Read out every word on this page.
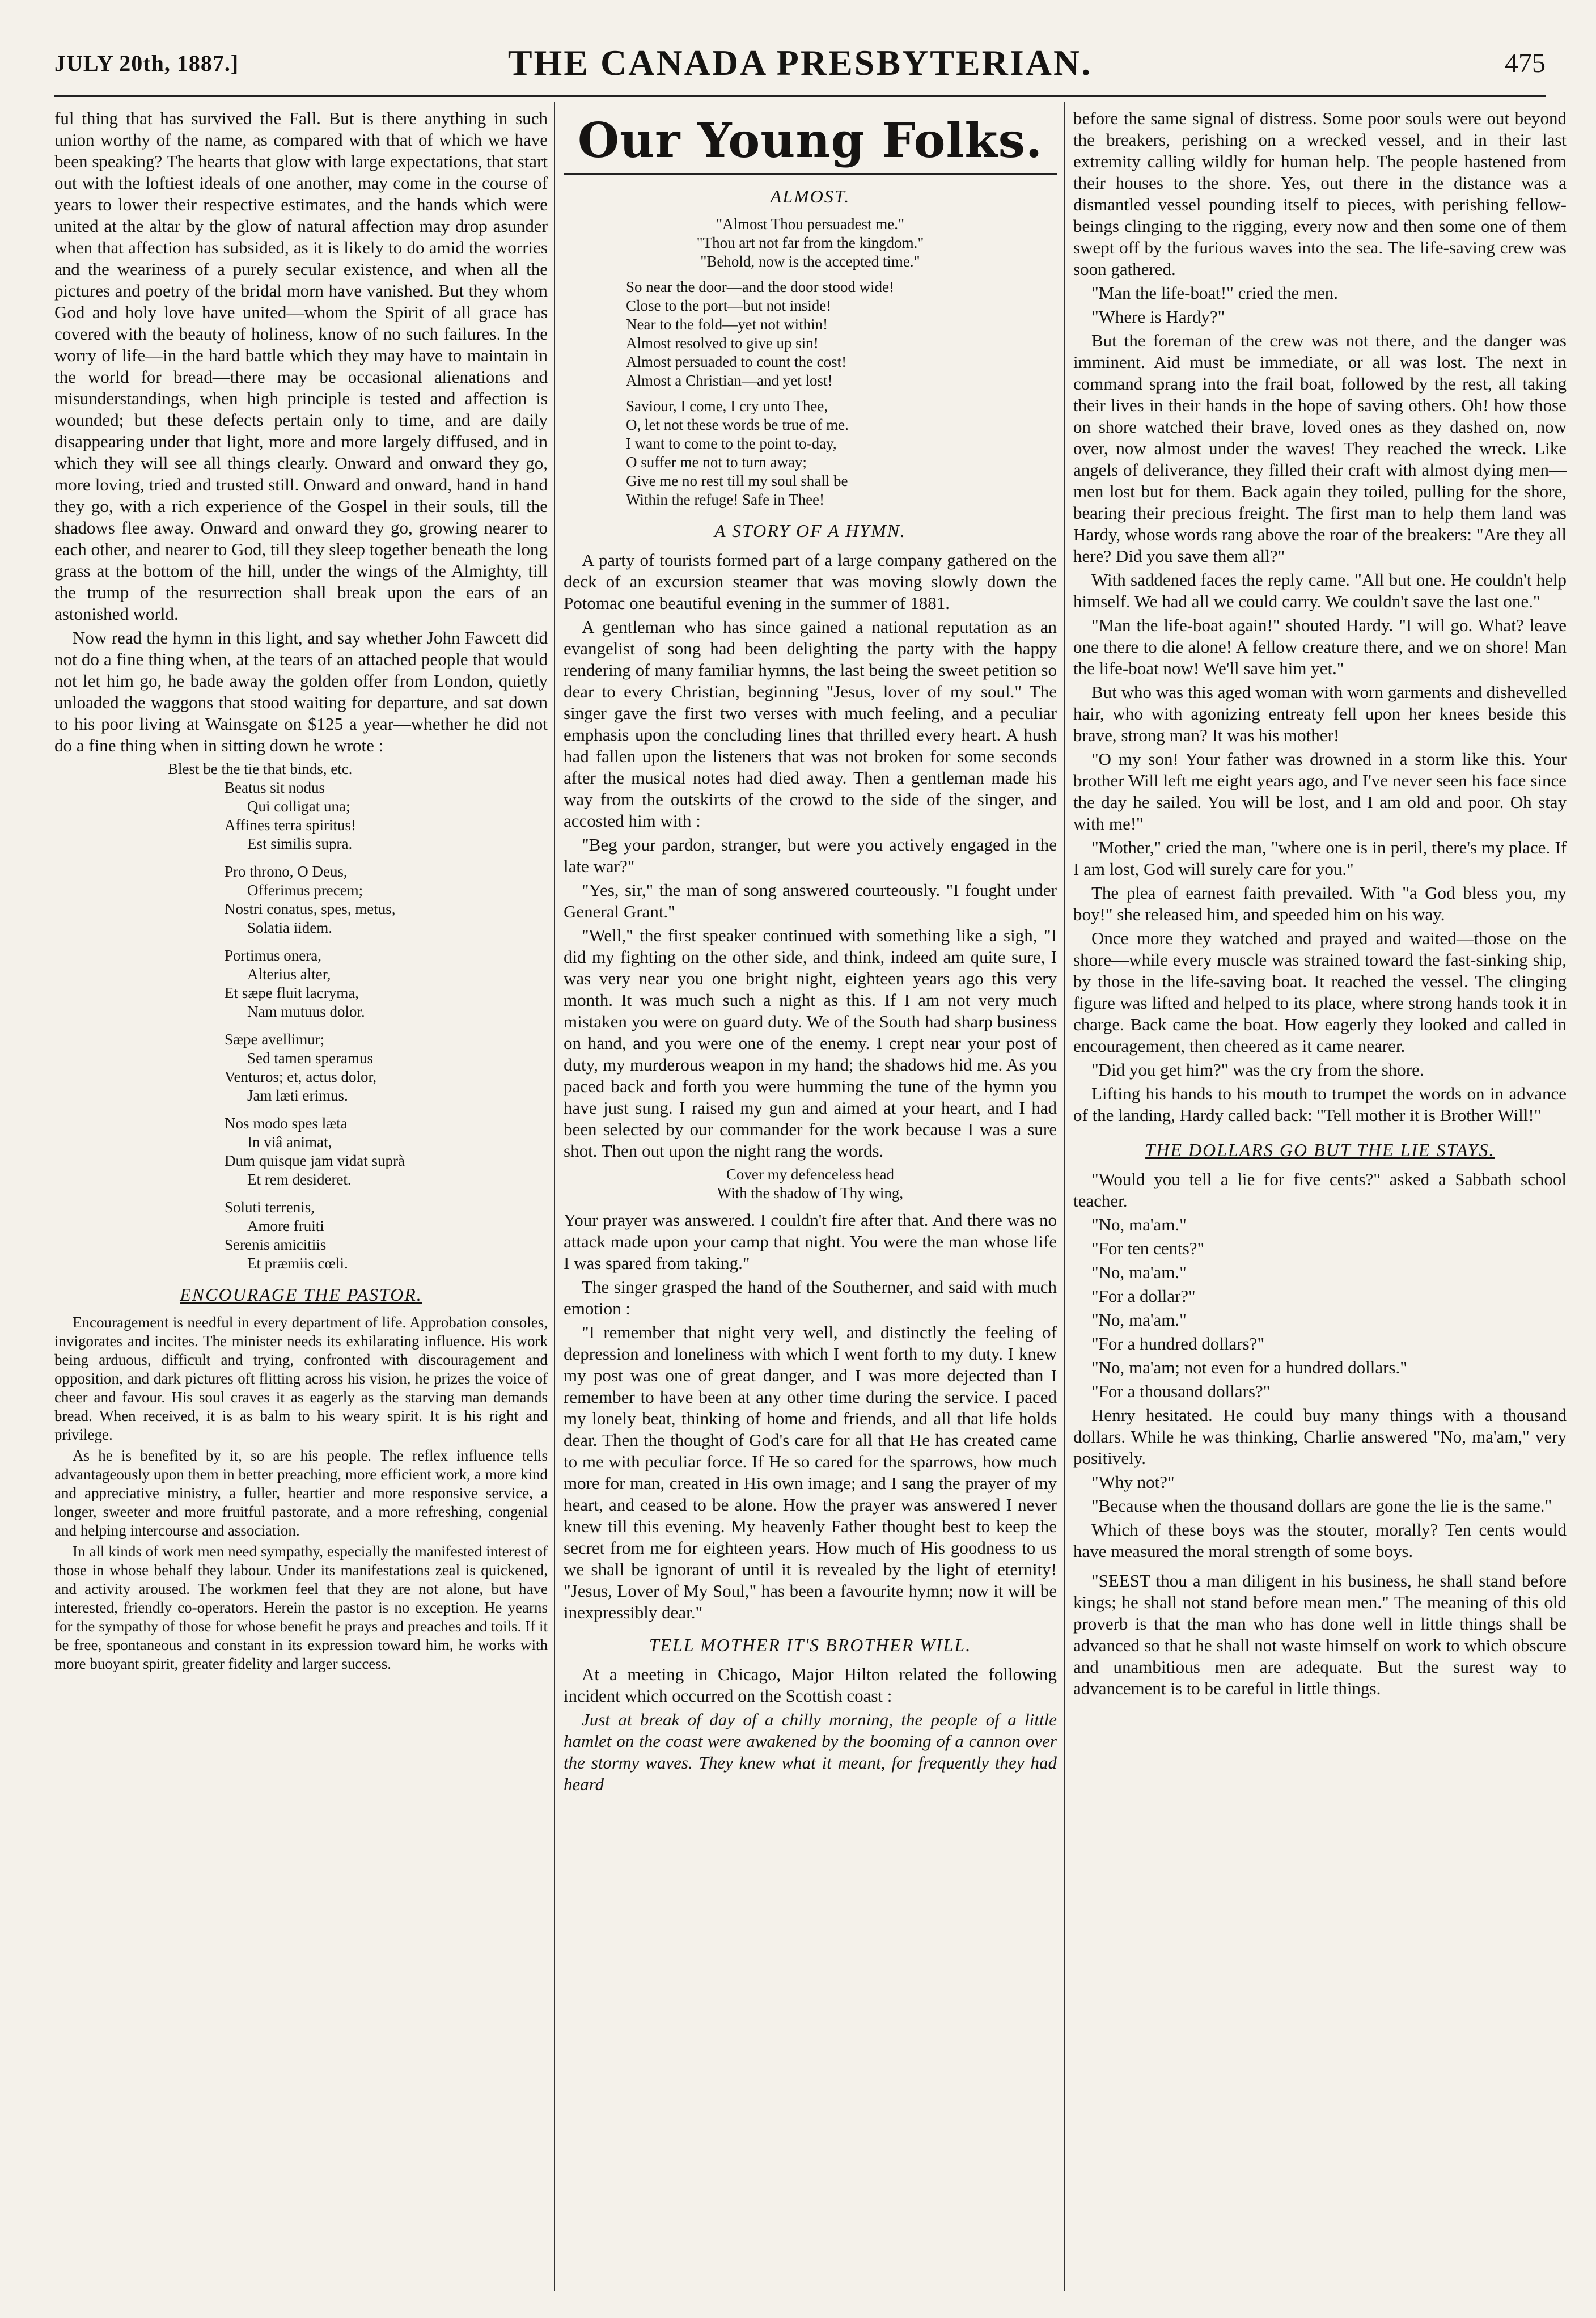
JULY 20th, 1887.]	THE CANADA PRESBYTERIAN.	475

ful thing that has survived the Fall. But is there anything in such union worthy of the name, as compared with that of which we have been speaking? The hearts that glow with large expectations, that start out with the loftiest ideals of one another, may come in the course of years to lower their respective estimates, and the hands which were united at the altar by the glow of natural affection may drop asunder when that affection has subsided, as it is likely to do amid the worries and the weariness of a purely secular existence, and when all the pictures and poetry of the bridal morn have vanished. But they whom God and holy love have united—whom the Spirit of all grace has covered with the beauty of holiness, know of no such failures. In the worry of life—in the hard battle which they may have to maintain in the world for bread—there may be occasional alienations and misunderstandings, when high principle is tested and affection is wounded; but these defects pertain only to time, and are daily disappearing under that light, more and more largely diffused, and in which they will see all things clearly. Onward and onward they go, more loving, tried and trusted still. Onward and onward, hand in hand they go, with a rich experience of the Gospel in their souls, till the shadows flee away. Onward and onward they go, growing nearer to each other, and nearer to God, till they sleep together beneath the long grass at the bottom of the hill, under the wings of the Almighty, till the trump of the resurrection shall break upon the ears of an astonished world.

Now read the hymn in this light, and say whether John Fawcett did not do a fine thing when, at the tears of an attached people that would not let him go, he bade away the golden offer from London, quietly unloaded the waggons that stood waiting for departure, and sat down to his poor living at Wainsgate on $125 a year—whether he did not do a fine thing when in sitting down he wrote :

Blest be the tie that binds, etc.
Beatus sit nodus
Qui colligat una;
Affines terra spiritus!
Est similis supra.
Pro throno, O Deus,
Offerimus precem;
Nostri conatus, spes, metus,
Solatia iidem.
Portimus onera,
Alterius alter,
Et sæpe fluit lacryma,
Nam mutuus dolor.
Sæpe avellimur;
Sed tamen speramus
Venturos; et, actus dolor,
Jam læti erimus.
Nos modo spes læta
In viâ animat,
Dum quisque jam vidat suprà
Et rem desideret.
Soluti terrenis,
Amore fruiti
Serenis amicitiis
Et præmiis cœli.
ENCOURAGE THE PASTOR.

Encouragement is needful in every department of life. Approbation consoles, invigorates and incites. The minister needs its exhilarating influence. His work being arduous, difficult and trying, confronted with discouragement and opposition, and dark pictures oft flitting across his vision, he prizes the voice of cheer and favour. His soul craves it as eagerly as the starving man demands bread. When received, it is as balm to his weary spirit. It is his right and privilege.

As he is benefited by it, so are his people. The reflex influence tells advantageously upon them in better preaching, more efficient work, a more kind and appreciative ministry, a fuller, heartier and more responsive service, a longer, sweeter and more fruitful pastorate, and a more refreshing, congenial and helping intercourse and association.

In all kinds of work men need sympathy, especially the manifested interest of those in whose behalf they labour. Under its manifestations zeal is quickened, and activity aroused. The workmen feel that they are not alone, but have interested, friendly co-operators. Herein the pastor is no exception. He yearns for the sympathy of those for whose benefit he prays and preaches and toils. If it be free, spontaneous and constant in its expression toward him, he works with more buoyant spirit, greater fidelity and larger success.

Our Young Folks.
ALMOST.
"Almost Thou persuadest me."
"Thou art not far from the kingdom."
"Behold, now is the accepted time."
So near the door—and the door stood wide!
Close to the port—but not inside!
Near to the fold—yet not within!
Almost resolved to give up sin!
Almost persuaded to count the cost!
Almost a Christian—and yet lost!
Saviour, I come, I cry unto Thee,
O, let not these words be true of me.
I want to come to the point to-day,
O suffer me not to turn away;
Give me no rest till my soul shall be
Within the refuge! Safe in Thee!
A STORY OF A HYMN.

A party of tourists formed part of a large company gathered on the deck of an excursion steamer that was moving slowly down the Potomac one beautiful evening in the summer of 1881.

A gentleman who has since gained a national reputation as an evangelist of song had been delighting the party with the happy rendering of many familiar hymns, the last being the sweet petition so dear to every Christian, beginning "Jesus, lover of my soul." The singer gave the first two verses with much feeling, and a peculiar emphasis upon the concluding lines that thrilled every heart. A hush had fallen upon the listeners that was not broken for some seconds after the musical notes had died away. Then a gentleman made his way from the outskirts of the crowd to the side of the singer, and accosted him with :

"Beg your pardon, stranger, but were you actively engaged in the late war?"

"Yes, sir," the man of song answered courteously. "I fought under General Grant."

"Well," the first speaker continued with something like a sigh, "I did my fighting on the other side, and think, indeed am quite sure, I was very near you one bright night, eighteen years ago this very month. It was much such a night as this. If I am not very much mistaken you were on guard duty. We of the South had sharp business on hand, and you were one of the enemy. I crept near your post of duty, my murderous weapon in my hand; the shadows hid me. As you paced back and forth you were humming the tune of the hymn you have just sung. I raised my gun and aimed at your heart, and I had been selected by our commander for the work because I was a sure shot. Then out upon the night rang the words.

Cover my defenceless head
With the shadow of Thy wing,

Your prayer was answered. I couldn't fire after that. And there was no attack made upon your camp that night. You were the man whose life I was spared from taking."

The singer grasped the hand of the Southerner, and said with much emotion :

"I remember that night very well, and distinctly the feeling of depression and loneliness with which I went forth to my duty. I knew my post was one of great danger, and I was more dejected than I remember to have been at any other time during the service. I paced my lonely beat, thinking of home and friends, and all that life holds dear. Then the thought of God's care for all that He has created came to me with peculiar force. If He so cared for the sparrows, how much more for man, created in His own image; and I sang the prayer of my heart, and ceased to be alone. How the prayer was answered I never knew till this evening. My heavenly Father thought best to keep the secret from me for eighteen years. How much of His goodness to us we shall be ignorant of until it is revealed by the light of eternity! "Jesus, Lover of My Soul," has been a favourite hymn; now it will be inexpressibly dear."

TELL MOTHER IT'S BROTHER WILL.

At a meeting in Chicago, Major Hilton related the following incident which occurred on the Scottish coast :

Just at break of day of a chilly morning, the people of a little hamlet on the coast were awakened by the booming of a cannon over the stormy waves. They knew what it meant, for frequently they had heard

before the same signal of distress. Some poor souls were out beyond the breakers, perishing on a wrecked vessel, and in their last extremity calling wildly for human help. The people hastened from their houses to the shore. Yes, out there in the distance was a dismantled vessel pounding itself to pieces, with perishing fellow-beings clinging to the rigging, every now and then some one of them swept off by the furious waves into the sea. The life-saving crew was soon gathered.

"Man the life-boat!" cried the men.

"Where is Hardy?"

But the foreman of the crew was not there, and the danger was imminent. Aid must be immediate, or all was lost. The next in command sprang into the frail boat, followed by the rest, all taking their lives in their hands in the hope of saving others. Oh! how those on shore watched their brave, loved ones as they dashed on, now over, now almost under the waves! They reached the wreck. Like angels of deliverance, they filled their craft with almost dying men—men lost but for them. Back again they toiled, pulling for the shore, bearing their precious freight. The first man to help them land was Hardy, whose words rang above the roar of the breakers: "Are they all here? Did you save them all?"

With saddened faces the reply came. "All but one. He couldn't help himself. We had all we could carry. We couldn't save the last one."

"Man the life-boat again!" shouted Hardy. "I will go. What? leave one there to die alone! A fellow creature there, and we on shore! Man the life-boat now! We'll save him yet."

But who was this aged woman with worn garments and dishevelled hair, who with agonizing entreaty fell upon her knees beside this brave, strong man? It was his mother!

"O my son! Your father was drowned in a storm like this. Your brother Will left me eight years ago, and I've never seen his face since the day he sailed. You will be lost, and I am old and poor. Oh stay with me!"

"Mother," cried the man, "where one is in peril, there's my place. If I am lost, God will surely care for you."

The plea of earnest faith prevailed. With "a God bless you, my boy!" she released him, and speeded him on his way.

Once more they watched and prayed and waited—those on the shore—while every muscle was strained toward the fast-sinking ship, by those in the life-saving boat. It reached the vessel. The clinging figure was lifted and helped to its place, where strong hands took it in charge. Back came the boat. How eagerly they looked and called in encouragement, then cheered as it came nearer.

"Did you get him?" was the cry from the shore.

Lifting his hands to his mouth to trumpet the words on in advance of the landing, Hardy called back: "Tell mother it is Brother Will!"

THE DOLLARS GO BUT THE LIE STAYS.

"Would you tell a lie for five cents?" asked a Sabbath school teacher.

"No, ma'am."

"For ten cents?"

"No, ma'am."

"For a dollar?"

"No, ma'am."

"For a hundred dollars?"

"No, ma'am; not even for a hundred dollars."

"For a thousand dollars?"

Henry hesitated. He could buy many things with a thousand dollars. While he was thinking, Charlie answered "No, ma'am," very positively.

"Why not?"

"Because when the thousand dollars are gone the lie is the same."

Which of these boys was the stouter, morally? Ten cents would have measured the moral strength of some boys.

"SEEST thou a man diligent in his business, he shall stand before kings; he shall not stand before mean men." The meaning of this old proverb is that the man who has done well in little things shall be advanced so that he shall not waste himself on work to which obscure and unambitious men are adequate. But the surest way to advancement is to be careful in little things.
